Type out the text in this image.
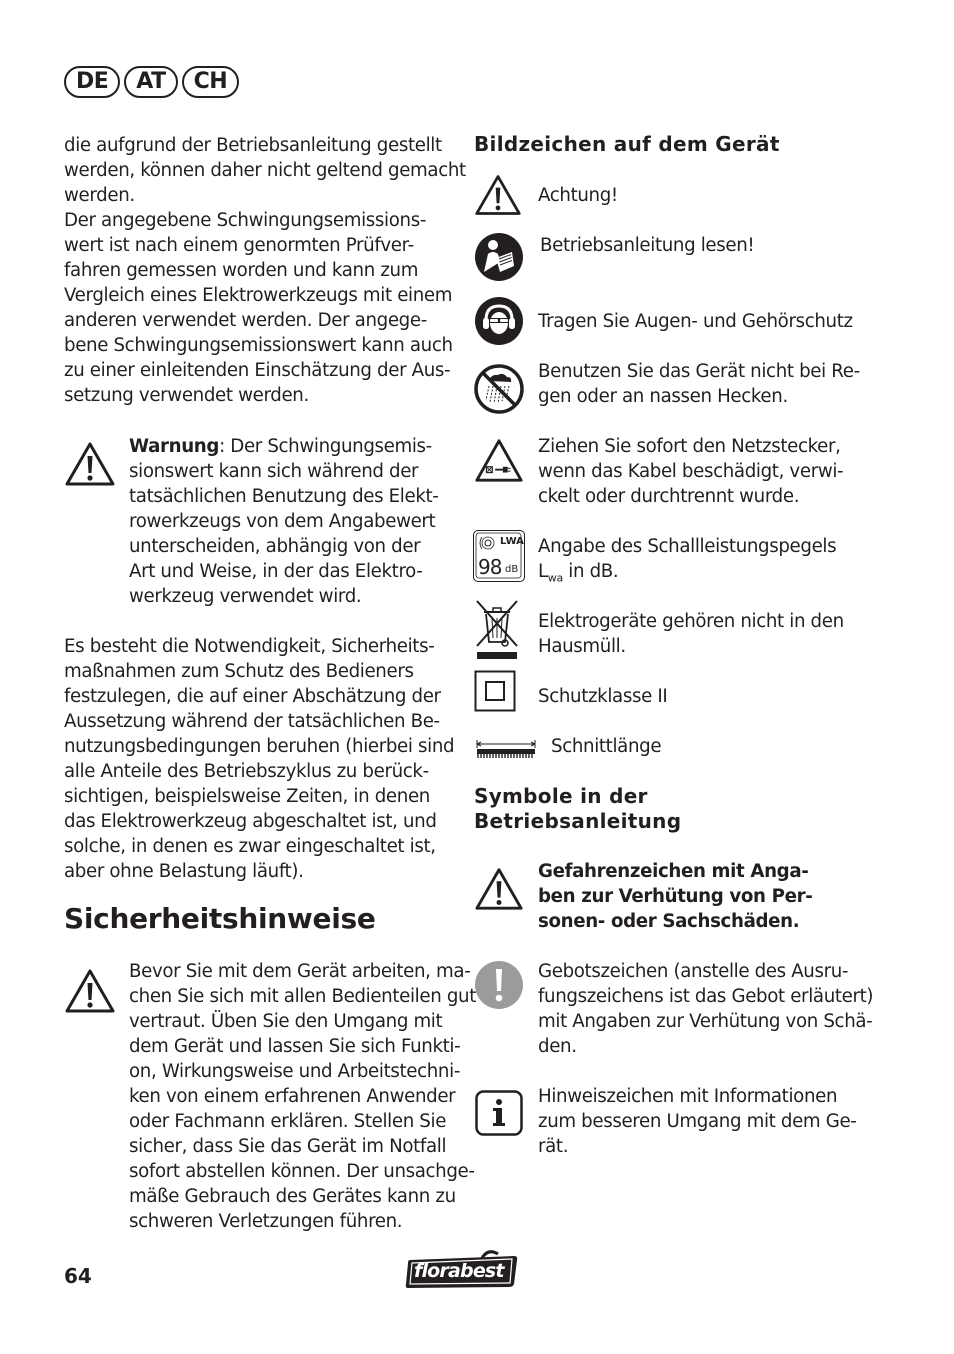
DE	AT	CH
die aufgrund der Betriebsanleitung gestellt
werden, können daher nicht geltend gemacht
werden.
Der angegebene Schwingungsemissions-
wert ist nach einem genormten Prüfver-
fahren gemessen worden und kann zum
Vergleich eines Elektrowerkzeugs mit einem
anderen verwendet werden. Der angege-
bene Schwingungsemissionswert kann auch
zu einer einleitenden Einschätzung der Aus-
setzung verwendet werden.
Warnung: Der Schwingungsemis-
sionswert kann sich während der
tatsächlichen Benutzung des Elekt-
rowerkzeugs von dem Angabewert
unterscheiden, abhängig von der
Art und Weise, in der das Elektro-
werkzeug verwendet wird.
Es besteht die Notwendigkeit, Sicherheits-
maßnahmen zum Schutz des Bedieners
festzulegen, die auf einer Abschätzung der
Aussetzung während der tatsächlichen Be-
nutzungsbedingungen beruhen (hierbei sind
alle Anteile des Betriebszyklus zu berück-
sichtigen, beispielsweise Zeiten, in denen
das Elektrowerkzeug abgeschaltet ist, und
solche, in denen es zwar eingeschaltet ist,
aber ohne Belastung läuft).
Sicherheitshinweise
Bevor Sie mit dem Gerät arbeiten, ma-
chen Sie sich mit allen Bedienteilen gut
vertraut. Üben Sie den Umgang mit
dem Gerät und lassen Sie sich Funkti-
on, Wirkungsweise und Arbeitstechni-
ken von einem erfahrenen Anwender
oder Fachmann erklären. Stellen Sie
sicher, dass Sie das Gerät im Notfall
sofort abstellen können. Der unsachge-
mäße Gebrauch des Gerätes kann zu
schweren Verletzungen führen.
Bildzeichen auf dem Gerät
Achtung!
Betriebsanleitung lesen!
Tragen Sie Augen- und Gehörschutz
Benutzen Sie das Gerät nicht bei Re-
gen oder an nassen Hecken.
Ziehen Sie sofort den Netzstecker,
wenn das Kabel beschädigt, verwi-
ckelt oder durchtrennt wurde.
LWA
98 dB
Angabe des Schallleistungspegels
$L_{wa}$ in dB.
Elektrogeräte gehören nicht in den
Hausmüll.
Schutzklasse II
Schnittlänge
Symbole in der
Betriebsanleitung
Gefahrenzeichen mit Anga-
ben zur Verhütung von Per-
sonen- oder Sachschäden.
Gebotszeichen (anstelle des Ausru-
fungszeichens ist das Gebot erläutert)
mit Angaben zur Verhütung von Schä-
den.
Hinweiszeichen mit Informationen
zum besseren Umgang mit dem Ge-
rät.
64	florabest
